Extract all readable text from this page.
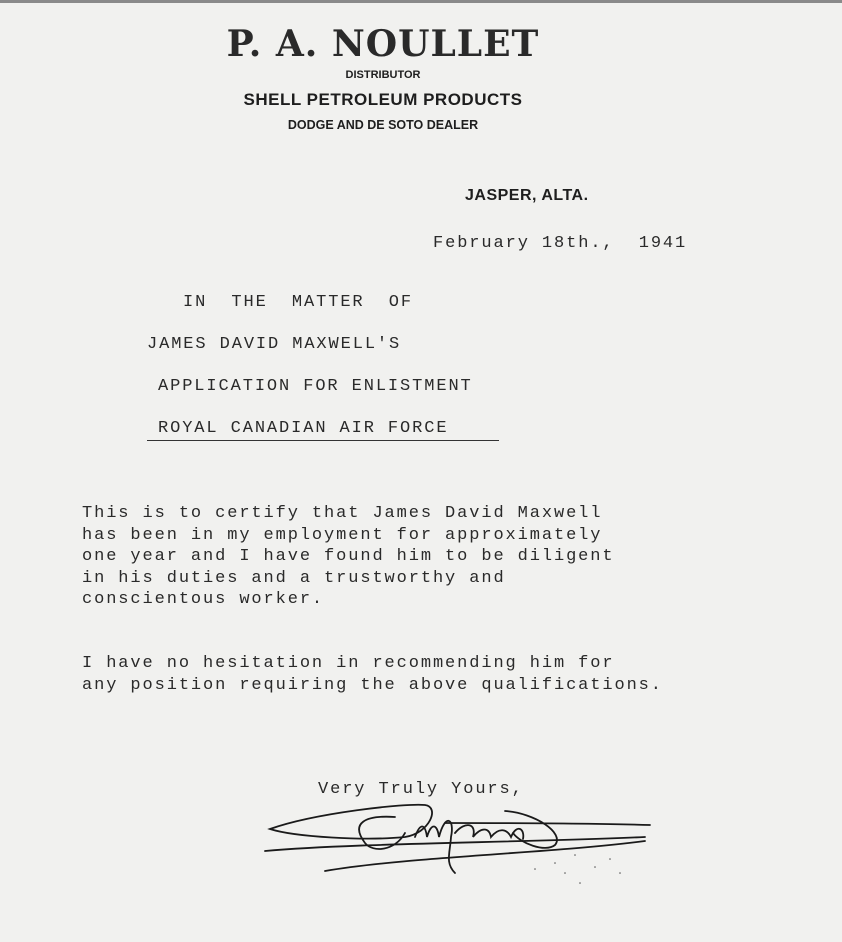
P. A. NOULLET
DISTRIBUTOR
SHELL PETROLEUM PRODUCTS
DODGE AND DE SOTO DEALER
JASPER, ALTA.
February 18th.,  1941
IN  THE  MATTER  OF
JAMES DAVID MAXWELL'S
APPLICATION FOR ENLISTMENT
ROYAL CANADIAN AIR FORCE
This is to certify that James David Maxwell
has been in my employment for approximately
one year and I have found him to be diligent
in his duties and a trustworthy and
conscientous worker.
I have no hesitation in recommending him for
any position requiring the above qualifications.
Very Truly Yours,
